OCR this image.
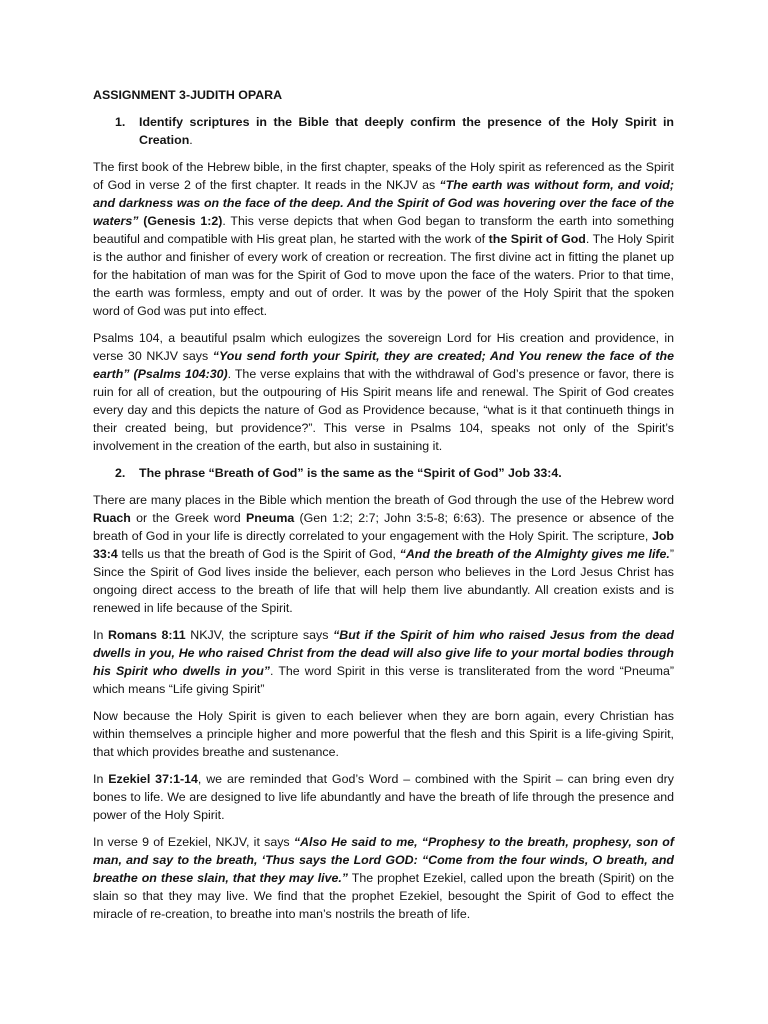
ASSIGNMENT 3-JUDITH OPARA
1.	Identify scriptures in the Bible that deeply confirm the presence of the Holy Spirit in Creation.

The first book of the Hebrew bible, in the first chapter, speaks of the Holy spirit as referenced as the Spirit of God in verse 2 of the first chapter. It reads in the NKJV as “The earth was without form, and void; and darkness was on the face of the deep. And the Spirit of God was hovering over the face of the waters” (Genesis 1:2). This verse depicts that when God began to transform the earth into something beautiful and compatible with His great plan, he started with the work of the Spirit of God. The Holy Spirit is the author and finisher of every work of creation or recreation. The first divine act in fitting the planet up for the habitation of man was for the Spirit of God to move upon the face of the waters. Prior to that time, the earth was formless, empty and out of order. It was by the power of the Holy Spirit that the spoken word of God was put into effect.

Psalms 104, a beautiful psalm which eulogizes the sovereign Lord for His creation and providence, in verse 30 NKJV says “You send forth your Spirit, they are created; And You renew the face of the earth” (Psalms 104:30). The verse explains that with the withdrawal of God’s presence or favor, there is ruin for all of creation, but the outpouring of His Spirit means life and renewal. The Spirit of God creates every day and this depicts the nature of God as Providence because, “what is it that continueth things in their created being, but providence?”. This verse in Psalms 104, speaks not only of the Spirit’s involvement in the creation of the earth, but also in sustaining it.

2.	The phrase “Breath of God” is the same as the “Spirit of God” Job 33:4.

There are many places in the Bible which mention the breath of God through the use of the Hebrew word Ruach or the Greek word Pneuma (Gen 1:2; 2:7; John 3:5-8; 6:63). The presence or absence of the breath of God in your life is directly correlated to your engagement with the Holy Spirit. The scripture, Job 33:4 tells us that the breath of God is the Spirit of God, “And the breath of the Almighty gives me life.” Since the Spirit of God lives inside the believer, each person who believes in the Lord Jesus Christ has ongoing direct access to the breath of life that will help them live abundantly. All creation exists and is renewed in life because of the Spirit.

In Romans 8:11 NKJV, the scripture says “But if the Spirit of him who raised Jesus from the dead dwells in you, He who raised Christ from the dead will also give life to your mortal bodies through his Spirit who dwells in you”. The word Spirit in this verse is transliterated from the word “Pneuma” which means “Life giving Spirit”

Now because the Holy Spirit is given to each believer when they are born again, every Christian has within themselves a principle higher and more powerful that the flesh and this Spirit is a life-giving Spirit, that which provides breathe and sustenance.

In Ezekiel 37:1-14, we are reminded that God’s Word – combined with the Spirit – can bring even dry bones to life. We are designed to live life abundantly and have the breath of life through the presence and power of the Holy Spirit.

In verse 9 of Ezekiel, NKJV, it says “Also He said to me, “Prophesy to the breath, prophesy, son of man, and say to the breath, ‘Thus says the Lord GOD: “Come from the four winds, O breath, and breathe on these slain, that they may live.” The prophet Ezekiel, called upon the breath (Spirit) on the slain so that they may live. We find that the prophet Ezekiel, besought the Spirit of God to effect the miracle of re-creation, to breathe into man’s nostrils the breath of life.
